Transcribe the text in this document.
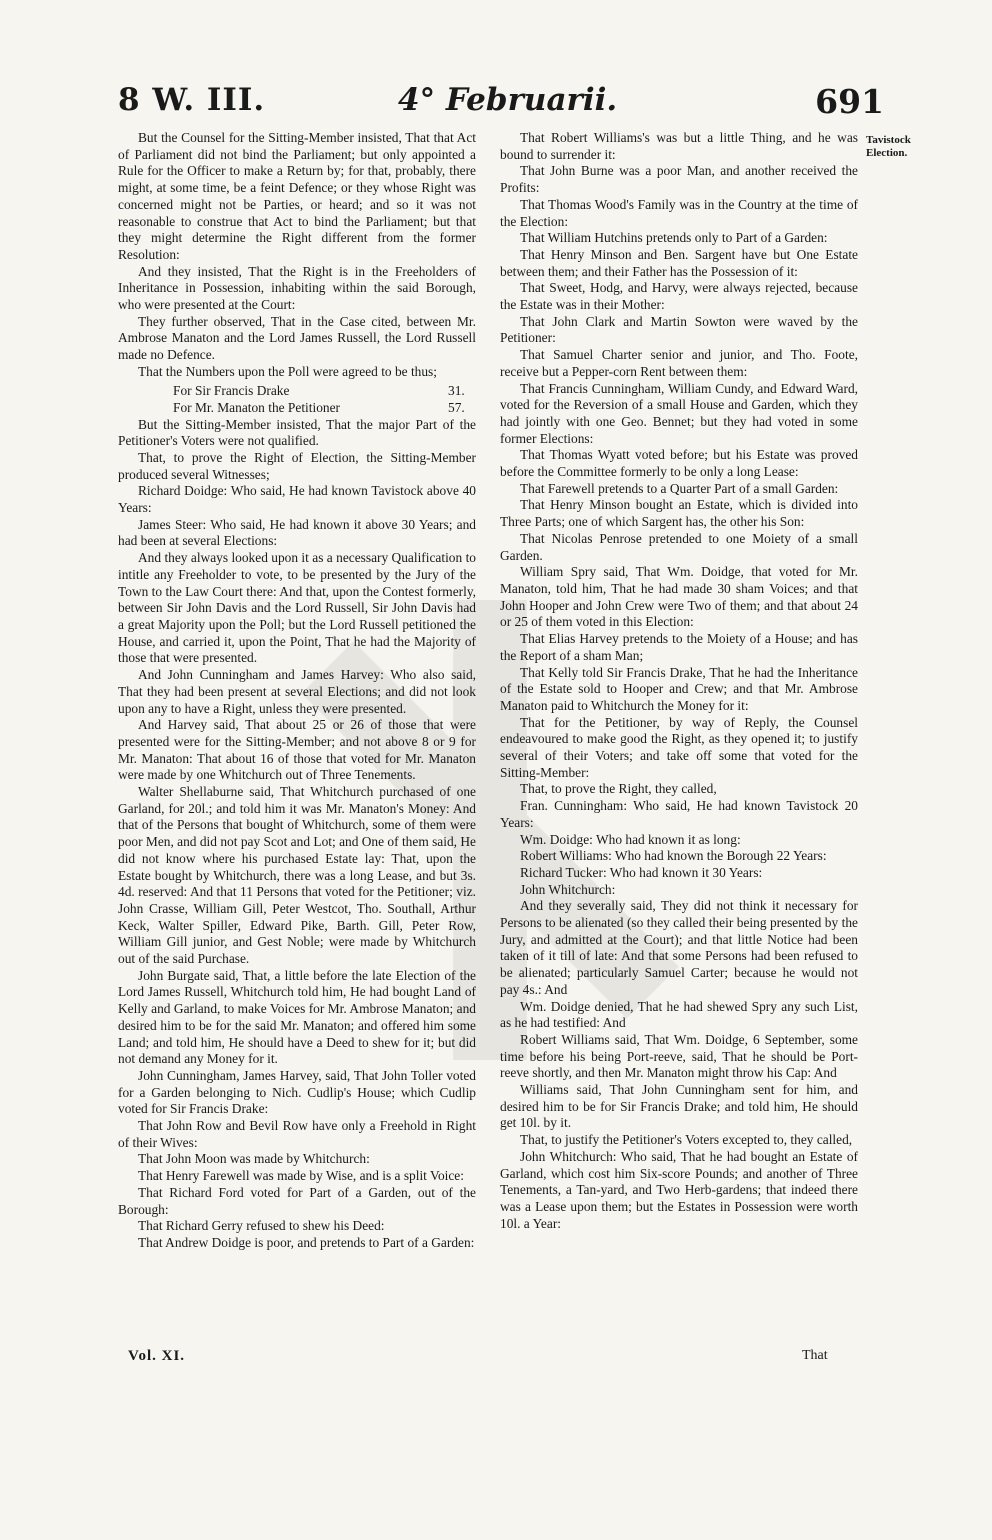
8 W. III.	4° Februarii.	691
Tavistock Election.

But the Counsel for the Sitting-Member insisted, That that Act of Parliament did not bind the Parliament; but only appointed a Rule for the Officer to make a Return by; for that, probably, there might, at some time, be a feint Defence; or they whose Right was concerned might not be Parties, or heard; and so it was not reasonable to construe that Act to bind the Parliament; but that they might determine the Right different from the former Resolution:

And they insisted, That the Right is in the Freeholders of Inheritance in Possession, inhabiting within the said Borough, who were presented at the Court:

They further observed, That in the Case cited, between Mr. Ambrose Manaton and the Lord James Russell, the Lord Russell made no Defence.

That the Numbers upon the Poll were agreed to be thus;

For Sir Francis Drake	31.
For Mr. Manaton the Petitioner	57.

But the Sitting-Member insisted, That the major Part of the Petitioner's Voters were not qualified.

That, to prove the Right of Election, the Sitting-Member produced several Witnesses;

Richard Doidge: Who said, He had known Tavistock above 40 Years:

James Steer: Who said, He had known it above 30 Years; and had been at several Elections:

And they always looked upon it as a necessary Qualification to intitle any Freeholder to vote, to be presented by the Jury of the Town to the Law Court there: And that, upon the Contest formerly, between Sir John Davis and the Lord Russell, Sir John Davis had a great Majority upon the Poll; but the Lord Russell petitioned the House, and carried it, upon the Point, That he had the Majority of those that were presented.

And John Cunningham and James Harvey: Who also said, That they had been present at several Elections; and did not look upon any to have a Right, unless they were presented.

And Harvey said, That about 25 or 26 of those that were presented were for the Sitting-Member; and not above 8 or 9 for Mr. Manaton: That about 16 of those that voted for Mr. Manaton were made by one Whitchurch out of Three Tenements.

Walter Shellaburne said, That Whitchurch purchased of one Garland, for 20l.; and told him it was Mr. Manaton's Money: And that of the Persons that bought of Whitchurch, some of them were poor Men, and did not pay Scot and Lot; and One of them said, He did not know where his purchased Estate lay: That, upon the Estate bought by Whitchurch, there was a long Lease, and but 3s. 4d. reserved: And that 11 Persons that voted for the Petitioner; viz. John Crasse, William Gill, Peter Westcot, Tho. Southall, Arthur Keck, Walter Spiller, Edward Pike, Barth. Gill, Peter Row, William Gill junior, and Gest Noble; were made by Whitchurch out of the said Purchase.

John Burgate said, That, a little before the late Election of the Lord James Russell, Whitchurch told him, He had bought Land of Kelly and Garland, to make Voices for Mr. Ambrose Manaton; and desired him to be for the said Mr. Manaton; and offered him some Land; and told him, He should have a Deed to shew for it; but did not demand any Money for it.

John Cunningham, James Harvey, said, That John Toller voted for a Garden belonging to Nich. Cudlip's House; which Cudlip voted for Sir Francis Drake:

That John Row and Bevil Row have only a Freehold in Right of their Wives:

That John Moon was made by Whitchurch:

That Henry Farewell was made by Wise, and is a split Voice:

That Richard Ford voted for Part of a Garden, out of the Borough:

That Richard Gerry refused to shew his Deed:

That Andrew Doidge is poor, and pretends to Part of a Garden:

That Robert Williams's was but a little Thing, and he was bound to surrender it:

That John Burne was a poor Man, and another received the Profits:

That Thomas Wood's Family was in the Country at the time of the Election:

That William Hutchins pretends only to Part of a Garden:

That Henry Minson and Ben. Sargent have but One Estate between them; and their Father has the Possession of it:

That Sweet, Hodg, and Harvy, were always rejected, because the Estate was in their Mother:

That John Clark and Martin Sowton were waved by the Petitioner:

That Samuel Charter senior and junior, and Tho. Foote, receive but a Pepper-corn Rent between them:

That Francis Cunningham, William Cundy, and Edward Ward, voted for the Reversion of a small House and Garden, which they had jointly with one Geo. Bennet; but they had voted in some former Elections:

That Thomas Wyatt voted before; but his Estate was proved before the Committee formerly to be only a long Lease:

That Farewell pretends to a Quarter Part of a small Garden:

That Henry Minson bought an Estate, which is divided into Three Parts; one of which Sargent has, the other his Son:

That Nicolas Penrose pretended to one Moiety of a small Garden.

William Spry said, That Wm. Doidge, that voted for Mr. Manaton, told him, That he had made 30 sham Voices; and that John Hooper and John Crew were Two of them; and that about 24 or 25 of them voted in this Election:

That Elias Harvey pretends to the Moiety of a House; and has the Report of a sham Man;

That Kelly told Sir Francis Drake, That he had the Inheritance of the Estate sold to Hooper and Crew; and that Mr. Ambrose Manaton paid to Whitchurch the Money for it:

That for the Petitioner, by way of Reply, the Counsel endeavoured to make good the Right, as they opened it; to justify several of their Voters; and take off some that voted for the Sitting-Member:

That, to prove the Right, they called,

Fran. Cunningham: Who said, He had known Tavistock 20 Years:

Wm. Doidge: Who had known it as long:

Robert Williams: Who had known the Borough 22 Years:

Richard Tucker: Who had known it 30 Years:

John Whitchurch:

And they severally said, They did not think it necessary for Persons to be alienated (so they called their being presented by the Jury, and admitted at the Court); and that little Notice had been taken of it till of late: And that some Persons had been refused to be alienated; particularly Samuel Carter; because he would not pay 4s.: And

Wm. Doidge denied, That he had shewed Spry any such List, as he had testified: And

Robert Williams said, That Wm. Doidge, 6 September, some time before his being Port-reeve, said, That he should be Port-reeve shortly, and then Mr. Manaton might throw his Cap: And

Williams said, That John Cunningham sent for him, and desired him to be for Sir Francis Drake; and told him, He should get 10l. by it.

That, to justify the Petitioner's Voters excepted to, they called,

John Whitchurch: Who said, That he had bought an Estate of Garland, which cost him Six-score Pounds; and another of Three Tenements, a Tan-yard, and Two Herb-gardens; that indeed there was a Lease upon them; but the Estates in Possession were worth 10l. a Year:

Vol. XI.	That
